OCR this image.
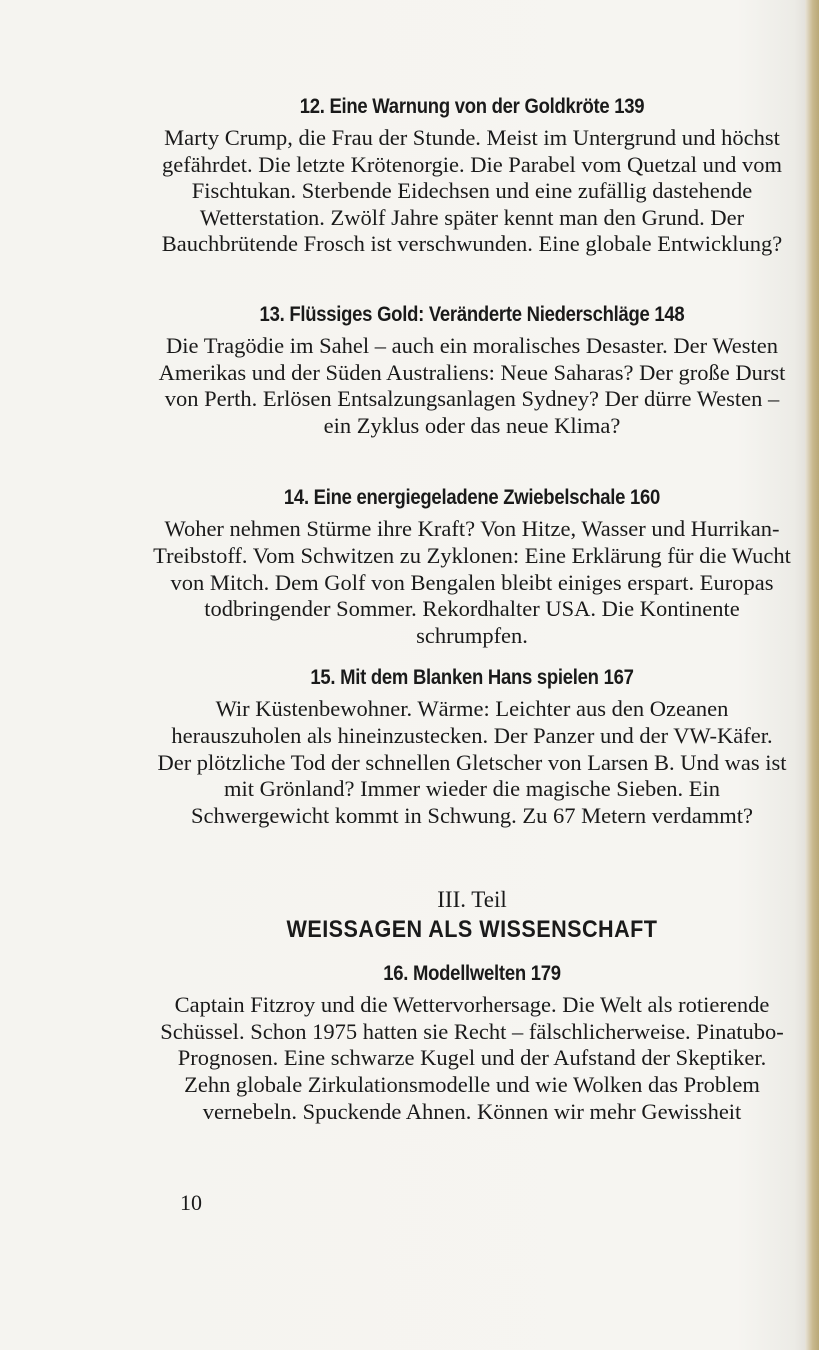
12. Eine Warnung von der Goldkröte 139

Marty Crump, die Frau der Stunde. Meist im Untergrund und höchst gefährdet. Die letzte Krötenorgie. Die Parabel vom Quetzal und vom Fischtukan. Sterbende Eidechsen und eine zufällig dastehende Wetterstation. Zwölf Jahre später kennt man den Grund. Der Bauchbrütende Frosch ist verschwunden. Eine globale Entwicklung?

13. Flüssiges Gold: Veränderte Niederschläge 148

Die Tragödie im Sahel – auch ein moralisches Desaster. Der Westen Amerikas und der Süden Australiens: Neue Saharas? Der große Durst von Perth. Erlösen Entsalzungsanlagen Sydney? Der dürre Westen – ein Zyklus oder das neue Klima?

14. Eine energiegeladene Zwiebelschale 160

Woher nehmen Stürme ihre Kraft? Von Hitze, Wasser und Hurrikan-Treibstoff. Vom Schwitzen zu Zyklonen: Eine Erklärung für die Wucht von Mitch. Dem Golf von Bengalen bleibt einiges erspart. Europas todbringender Sommer. Rekordhalter USA. Die Kontinente schrumpfen.

15. Mit dem Blanken Hans spielen 167

Wir Küstenbewohner. Wärme: Leichter aus den Ozeanen herauszuholen als hineinzustecken. Der Panzer und der VW-Käfer. Der plötzliche Tod der schnellen Gletscher von Larsen B. Und was ist mit Grönland? Immer wieder die magische Sieben. Ein Schwergewicht kommt in Schwung. Zu 67 Metern verdammt?

III. Teil

WEISSAGEN ALS WISSENSCHAFT

16. Modellwelten 179

Captain Fitzroy und die Wettervorhersage. Die Welt als rotierende Schüssel. Schon 1975 hatten sie Recht – fälschlicherweise. Pinatubo-Prognosen. Eine schwarze Kugel und der Aufstand der Skeptiker. Zehn globale Zirkulationsmodelle und wie Wolken das Problem vernebeln. Spuckende Ahnen. Können wir mehr Gewissheit

10
